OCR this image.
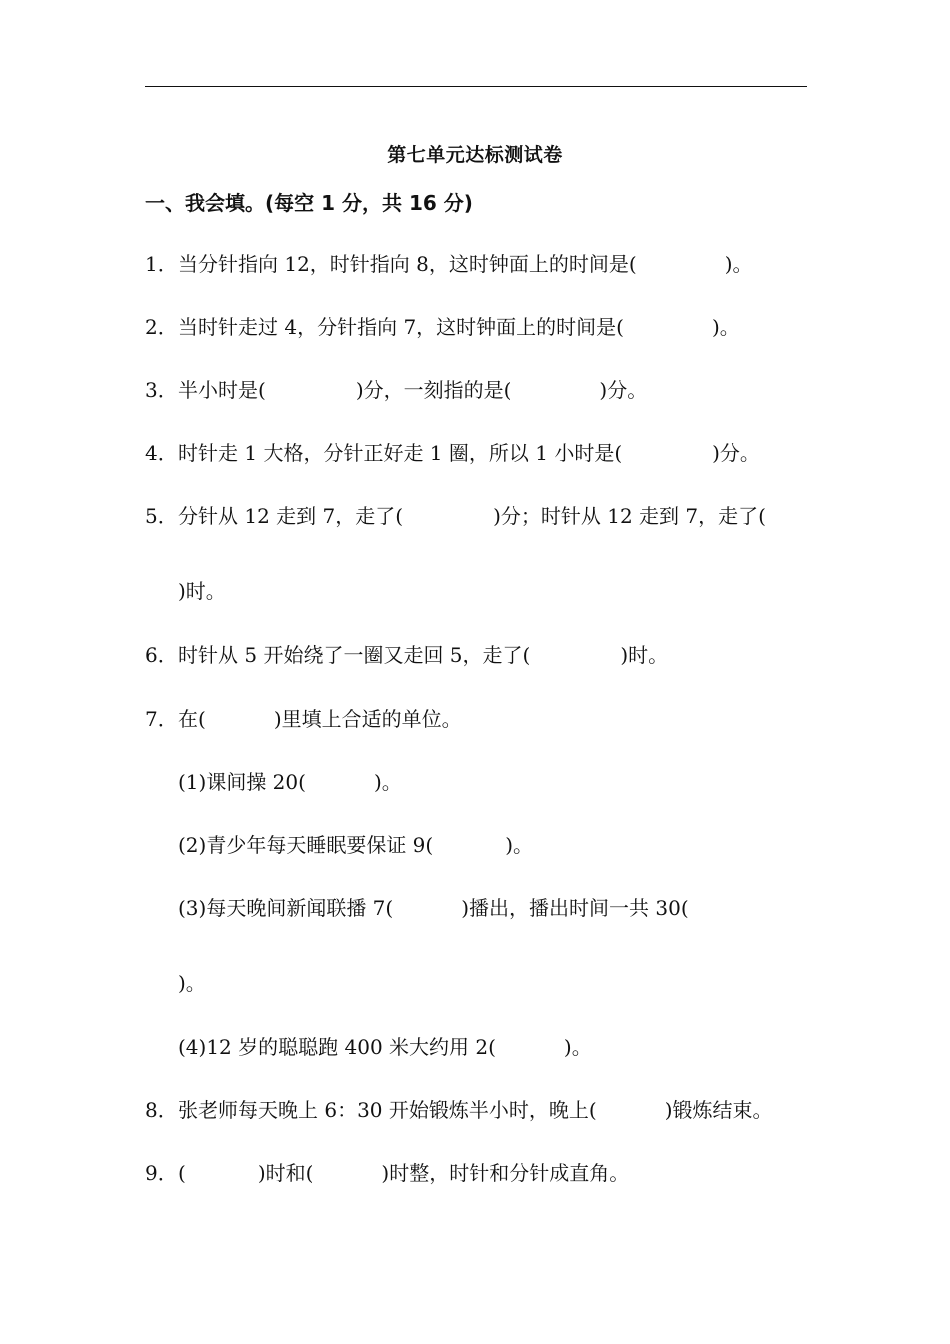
第七单元达标测试卷
一、我会填。(每空 1 分，共 16 分)
1．当分针指向 12，时针指向 8，这时钟面上的时间是(	)。
2．当时针走过 4，分针指向 7，这时钟面上的时间是(	)。
3．半小时是(	)分，一刻指的是(	)分。
4．时针走 1 大格，分针正好走 1 圈，所以 1 小时是(	)分。
5．分针从 12 走到 7，走了(	)分；时针从 12 走到 7，走了(
)时。
6．时针从 5 开始绕了一圈又走回 5，走了(	)时。
7．在(	)里填上合适的单位。
(1)课间操 20(	)。
(2)青少年每天睡眠要保证 9(	)。
(3)每天晚间新闻联播 7(	)播出，播出时间一共 30(
)。
(4)12 岁的聪聪跑 400 米大约用 2(	)。
8．张老师每天晚上 6：30 开始锻炼半小时，晚上(	)锻炼结束。
9．(	)时和(	)时整，时针和分针成直角。
